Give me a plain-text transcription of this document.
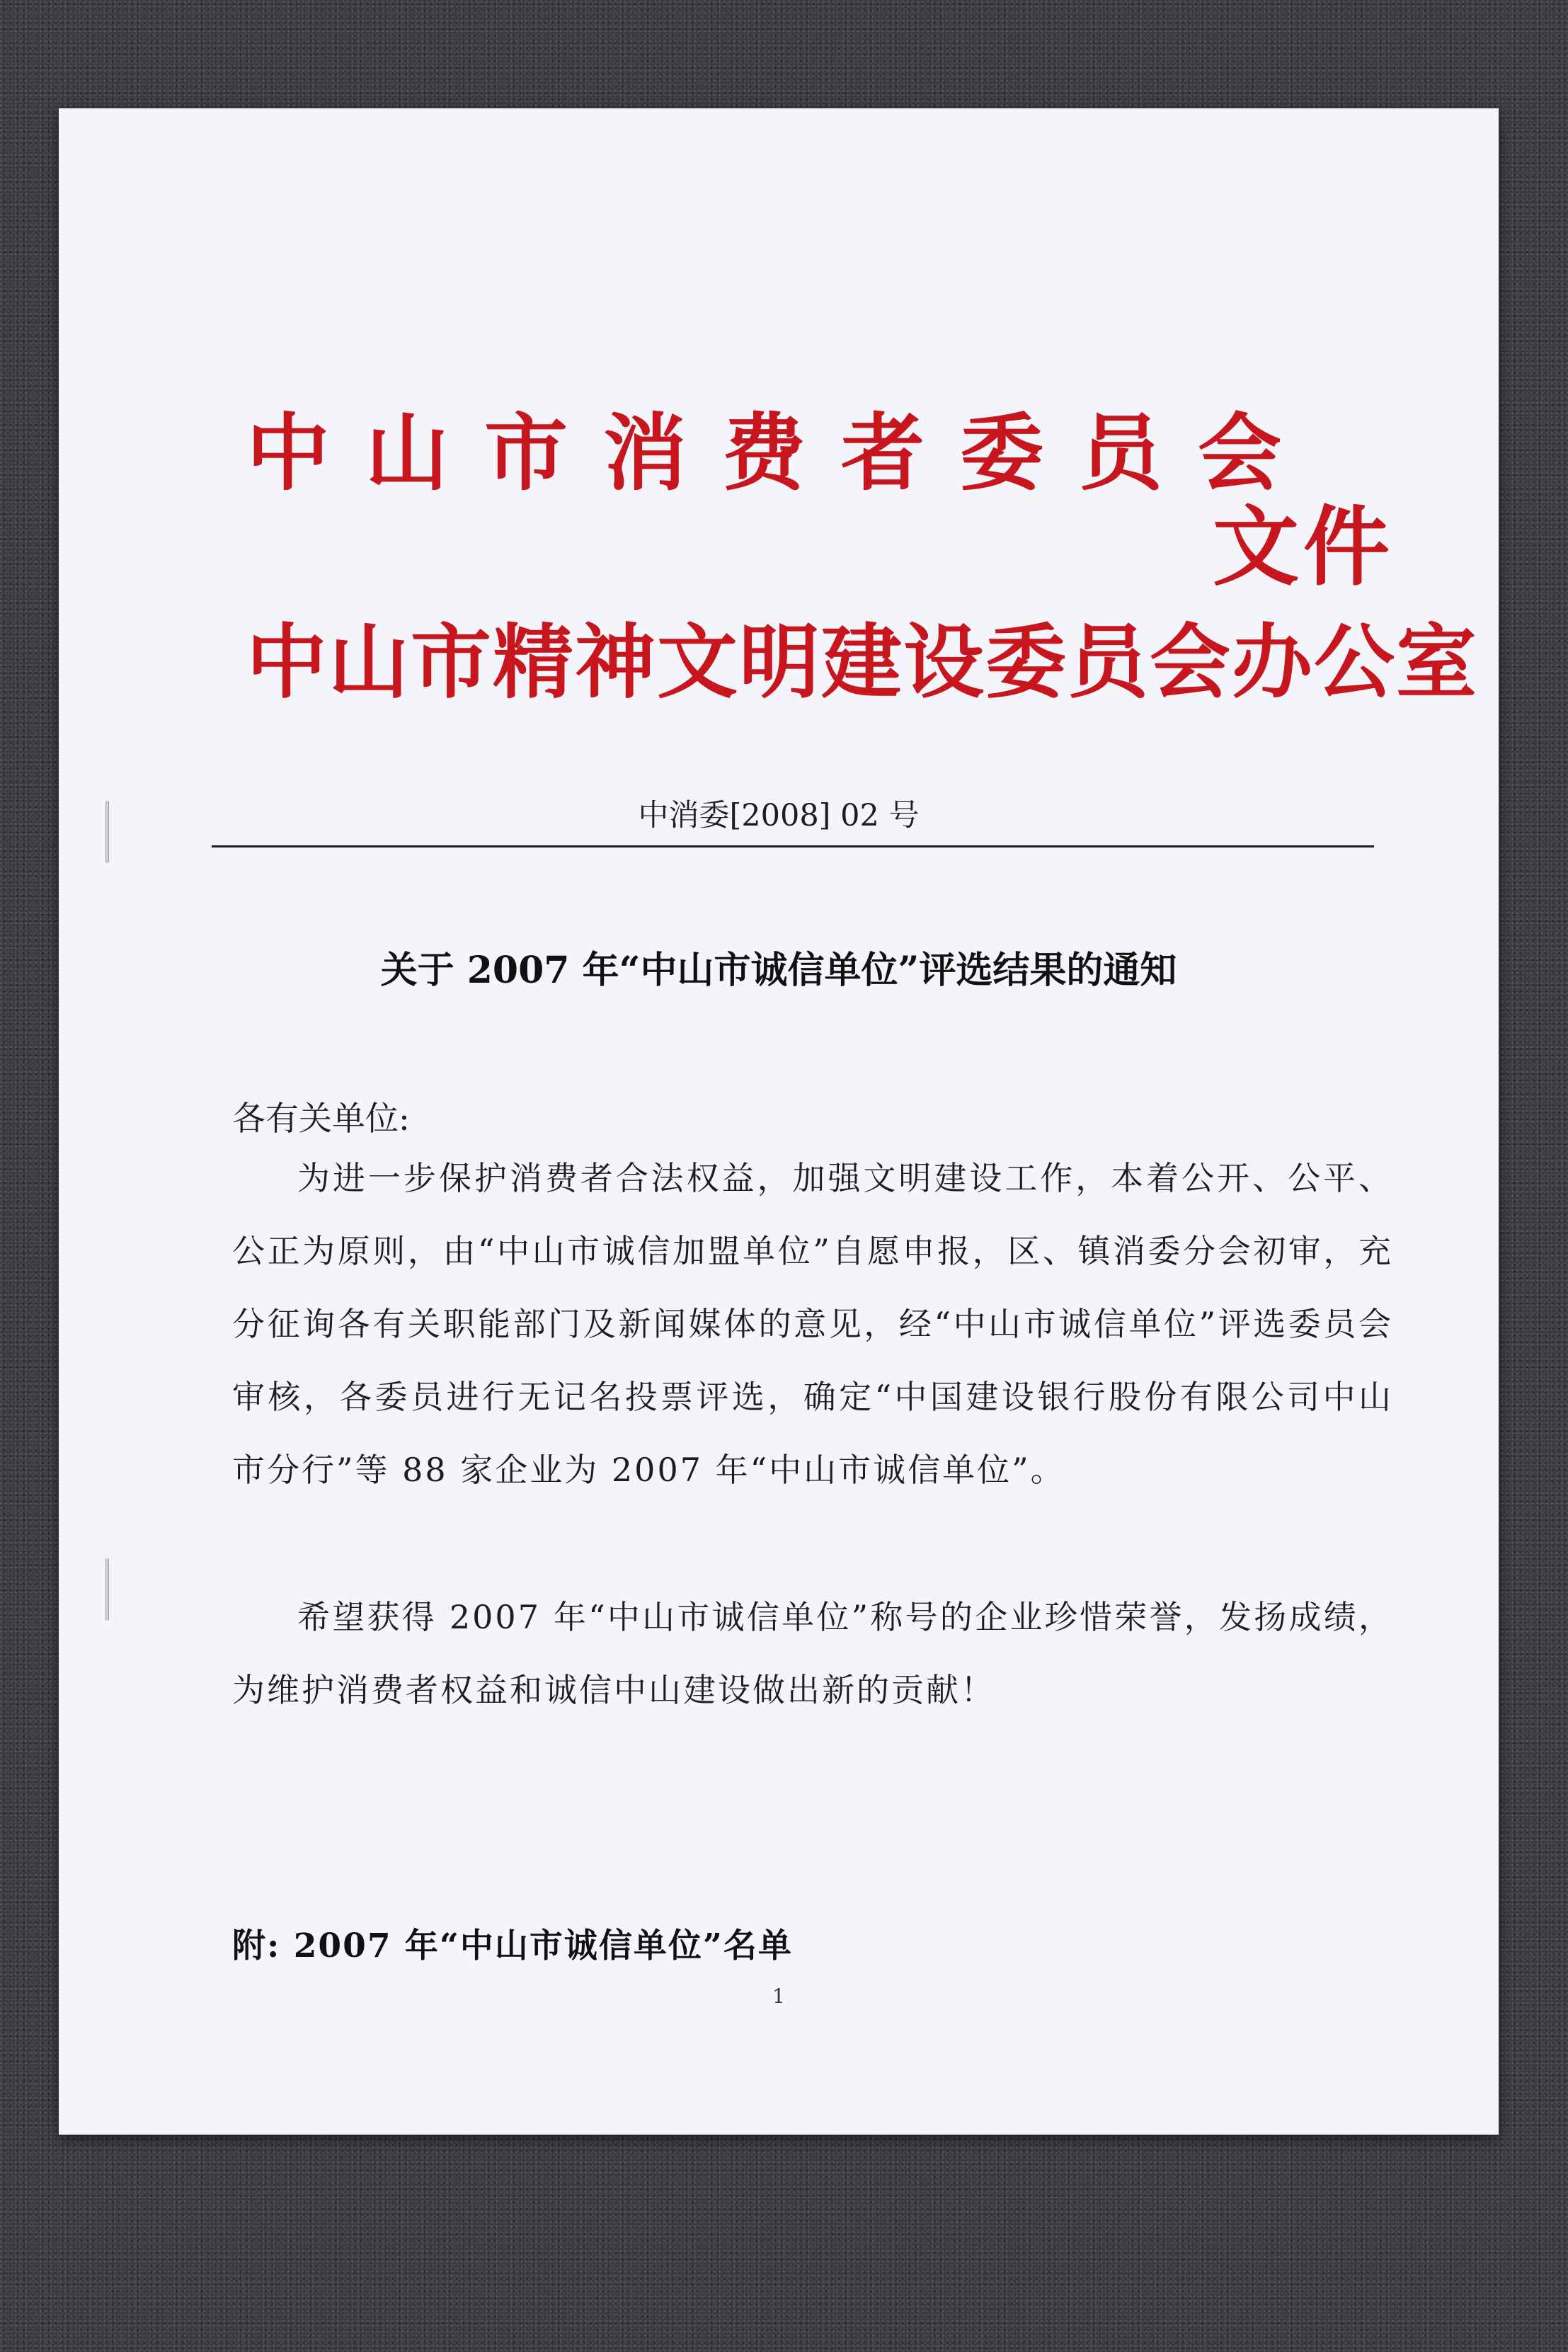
中山市消费者委员会
文件
中山市精神文明建设委员会办公室
中消委[2008] 02 号
关于 2007 年“中山市诚信单位”评选结果的通知
各有关单位:
为进一步保护消费者合法权益，加强文明建设工作，本着公开、公平、公正为原则，由“中山市诚信加盟单位”自愿申报，区、镇消委分会初审，充分征询各有关职能部门及新闻媒体的意见，经“中山市诚信单位”评选委员会审核，各委员进行无记名投票评选，确定“中国建设银行股份有限公司中山市分行”等 88 家企业为 2007 年“中山市诚信单位”。
希望获得 2007 年“中山市诚信单位”称号的企业珍惜荣誉，发扬成绩，为维护消费者权益和诚信中山建设做出新的贡献！
附: 2007 年“中山市诚信单位”名单
1
